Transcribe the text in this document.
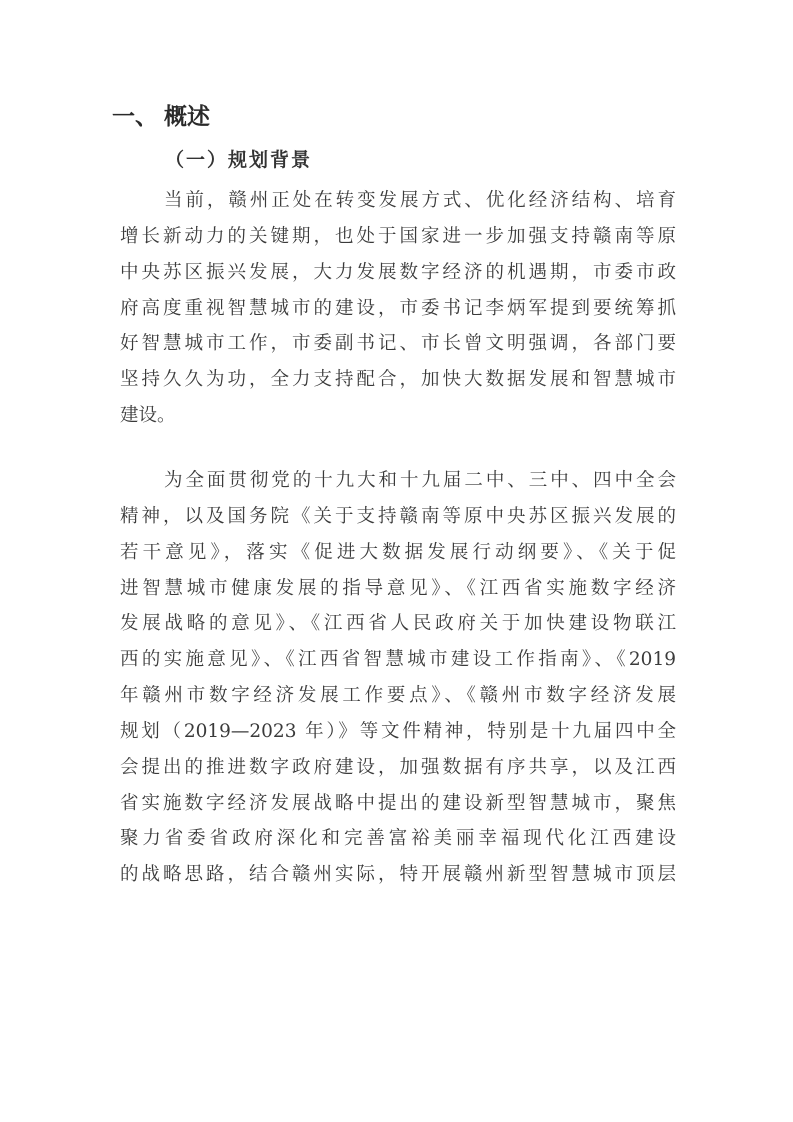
一、 概述
（一）规划背景
当前，赣州正处在转变发展方式、优化经济结构、培育
增长新动力的关键期，也处于国家进一步加强支持赣南等原
中央苏区振兴发展，大力发展数字经济的机遇期，市委市政
府高度重视智慧城市的建设，市委书记李炳军提到要统筹抓
好智慧城市工作，市委副书记、市长曾文明强调，各部门要
坚持久久为功，全力支持配合，加快大数据发展和智慧城市
建设。
为全面贯彻党的十九大和十九届二中、三中、四中全会
精神，以及国务院《关于支持赣南等原中央苏区振兴发展的
若干意见》，落实《促进大数据发展行动纲要》、《关于促
进智慧城市健康发展的指导意见》、《江西省实施数字经济
发展战略的意见》、《江西省人民政府关于加快建设物联江
西的实施意见》、《江西省智慧城市建设工作指南》、《2019
年赣州市数字经济发展工作要点》、《赣州市数字经济发展
规划（2019—2023 年）》等文件精神，特别是十九届四中全
会提出的推进数字政府建设，加强数据有序共享，以及江西
省实施数字经济发展战略中提出的建设新型智慧城市，聚焦
聚力省委省政府深化和完善富裕美丽幸福现代化江西建设
的战略思路，结合赣州实际，特开展赣州新型智慧城市顶层
